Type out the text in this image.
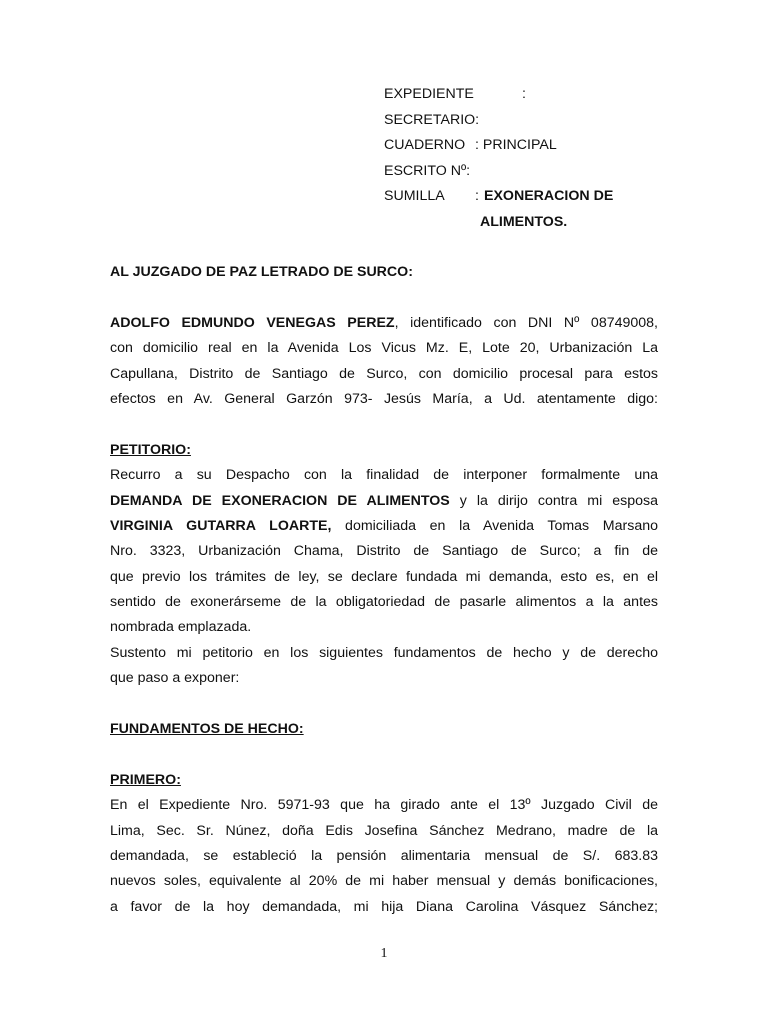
EXPEDIENTE	:
SECRETARIO:
CUADERNO : PRINCIPAL
ESCRITO Nº:
SUMILLA : EXONERACION DE
ALIMENTOS.
AL JUZGADO DE PAZ LETRADO DE SURCO:
ADOLFO EDMUNDO VENEGAS PEREZ, identificado con DNI Nº 08749008,
con domicilio real en la Avenida Los Vicus Mz. E, Lote 20, Urbanización La
Capullana, Distrito de Santiago de Surco, con domicilio procesal para estos
efectos en Av. General Garzón 973- Jesús María, a Ud. atentamente digo:
PETITORIO:
Recurro a su Despacho con la finalidad de interponer formalmente una
DEMANDA DE EXONERACION DE ALIMENTOS y la dirijo contra mi esposa
VIRGINIA GUTARRA LOARTE, domiciliada en la Avenida Tomas Marsano
Nro. 3323, Urbanización Chama, Distrito de Santiago de Surco; a fin de
que previo los trámites de ley, se declare fundada mi demanda, esto es, en el
sentido de exonerárseme de la obligatoriedad de pasarle alimentos a la antes
nombrada emplazada.
Sustento mi petitorio en los siguientes fundamentos de hecho y de derecho
que paso a exponer:
FUNDAMENTOS DE HECHO:
PRIMERO:
En el Expediente Nro. 5971-93 que ha girado ante el 13º Juzgado Civil de
Lima, Sec. Sr. Núnez, doña Edis Josefina Sánchez Medrano, madre de la
demandada, se estableció la pensión alimentaria mensual de S/. 683.83
nuevos soles, equivalente al 20% de mi haber mensual y demás bonificaciones,
a favor de la hoy demandada, mi hija Diana Carolina Vásquez Sánchez;
1
